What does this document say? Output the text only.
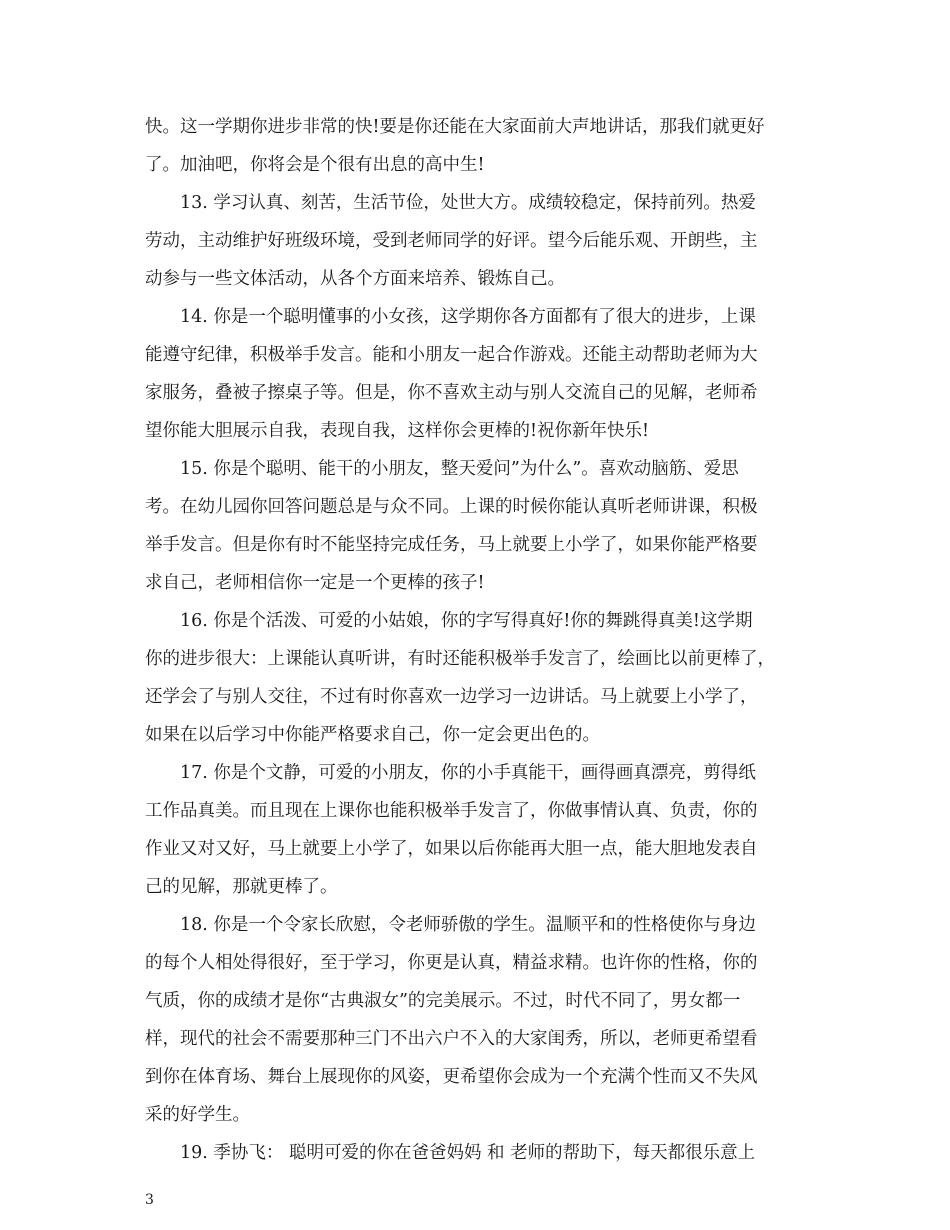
快。这一学期你进步非常的快!要是你还能在大家面前大声地讲话，那我们就更好
了。加油吧，你将会是个很有出息的高中生!
13. 学习认真、刻苦，生活节俭，处世大方。成绩较稳定，保持前列。热爱
劳动，主动维护好班级环境，受到老师同学的好评。望今后能乐观、开朗些，主
动参与一些文体活动，从各个方面来培养、锻炼自己。
14. 你是一个聪明懂事的小女孩，这学期你各方面都有了很大的进步，上课
能遵守纪律，积极举手发言。能和小朋友一起合作游戏。还能主动帮助老师为大
家服务，叠被子擦桌子等。但是，你不喜欢主动与别人交流自己的见解，老师希
望你能大胆展示自我，表现自我，这样你会更棒的!祝你新年快乐!
15. 你是个聪明、能干的小朋友，整天爱问”为什么”。喜欢动脑筋、爱思
考。在幼儿园你回答问题总是与众不同。上课的时候你能认真听老师讲课，积极
举手发言。但是你有时不能坚持完成任务，马上就要上小学了，如果你能严格要
求自己，老师相信你一定是一个更棒的孩子!
16. 你是个活泼、可爱的小姑娘，你的字写得真好!你的舞跳得真美!这学期
你的进步很大：上课能认真听讲，有时还能积极举手发言了，绘画比以前更棒了，
还学会了与别人交往，不过有时你喜欢一边学习一边讲话。马上就要上小学了，
如果在以后学习中你能严格要求自己，你一定会更出色的。
17. 你是个文静，可爱的小朋友，你的小手真能干，画得画真漂亮，剪得纸
工作品真美。而且现在上课你也能积极举手发言了，你做事情认真、负责，你的
作业又对又好，马上就要上小学了，如果以后你能再大胆一点，能大胆地发表自
己的见解，那就更棒了。
18. 你是一个令家长欣慰，令老师骄傲的学生。温顺平和的性格使你与身边
的每个人相处得很好，至于学习，你更是认真，精益求精。也许你的性格，你的
气质，你的成绩才是你“古典淑女”的完美展示。不过，时代不同了，男女都一
样，现代的社会不需要那种三门不出六户不入的大家闺秀，所以，老师更希望看
到你在体育场、舞台上展现你的风姿，更希望你会成为一个充满个性而又不失风
采的好学生。
19. 季协飞： 聪明可爱的你在爸爸妈妈 和 老师的帮助下，每天都很乐意上
3
